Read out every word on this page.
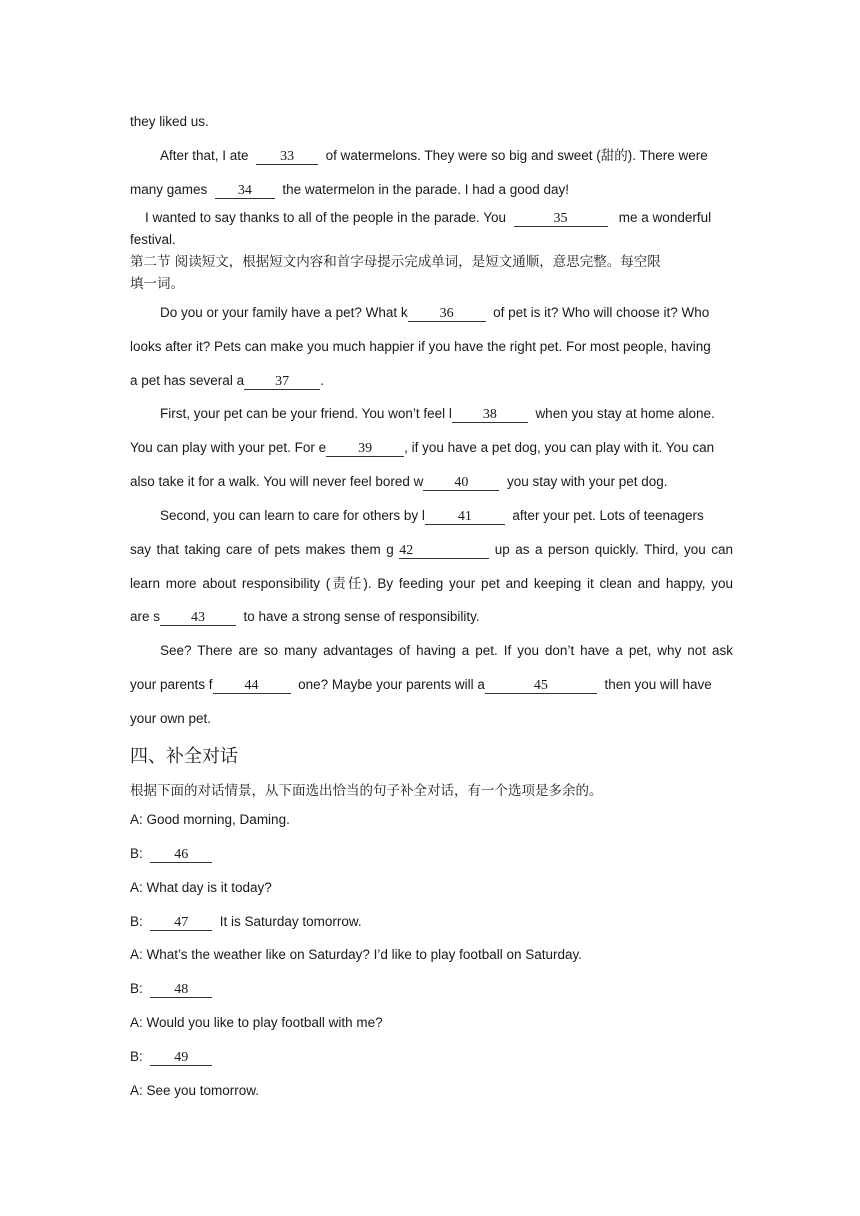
they liked us.
After that, I ate 33 of watermelons. They were so big and sweet (甜的). There were
many games 34 the watermelon in the parade. I had a good day!
I wanted to say thanks to all of the people in the parade. You	35	me a wonderful
festival.
第二节 阅读短文，根据短文内容和首字母提示完成单词，是短文通顺，意思完整。每空限
填一词。
Do you or your family have a pet? What k 36	of pet is it? Who will choose it? Who
looks after it? Pets can make you much happier if you have the right pet. For most people, having
a pet has several a 37 .
First, your pet can be your friend. You won’t feel l 38	when you stay at home alone.
You can play with your pet. For e 39 , if you have a pet dog, you can play with it. You can
also take it for a walk. You will never feel bored w 40	you stay with your pet dog.
Second, you can learn to care for others by l 41	after your pet. Lots of teenagers
say that taking care of pets makes them g 42	up as a person quickly. Third, you can
learn more about responsibility (责任). By feeding your pet and keeping it clean and happy, you
are s 43	to have a strong sense of responsibility.
See? There are so many advantages of having a pet. If you don’t have a pet, why not ask
your parents f 44	one? Maybe your parents will a	45	then you will have
your own pet.
四、补全对话
根据下面的对话情景，从下面选出恰当的句子补全对话，有一个选项是多余的。
A: Good morning, Daming.
B: 46
A: What day is it today?
B: 47 It is Saturday tomorrow.
A: What’s the weather like on Saturday? I’d like to play football on Saturday.
B: 48
A: Would you like to play football with me?
B: 49
A: See you tomorrow.
